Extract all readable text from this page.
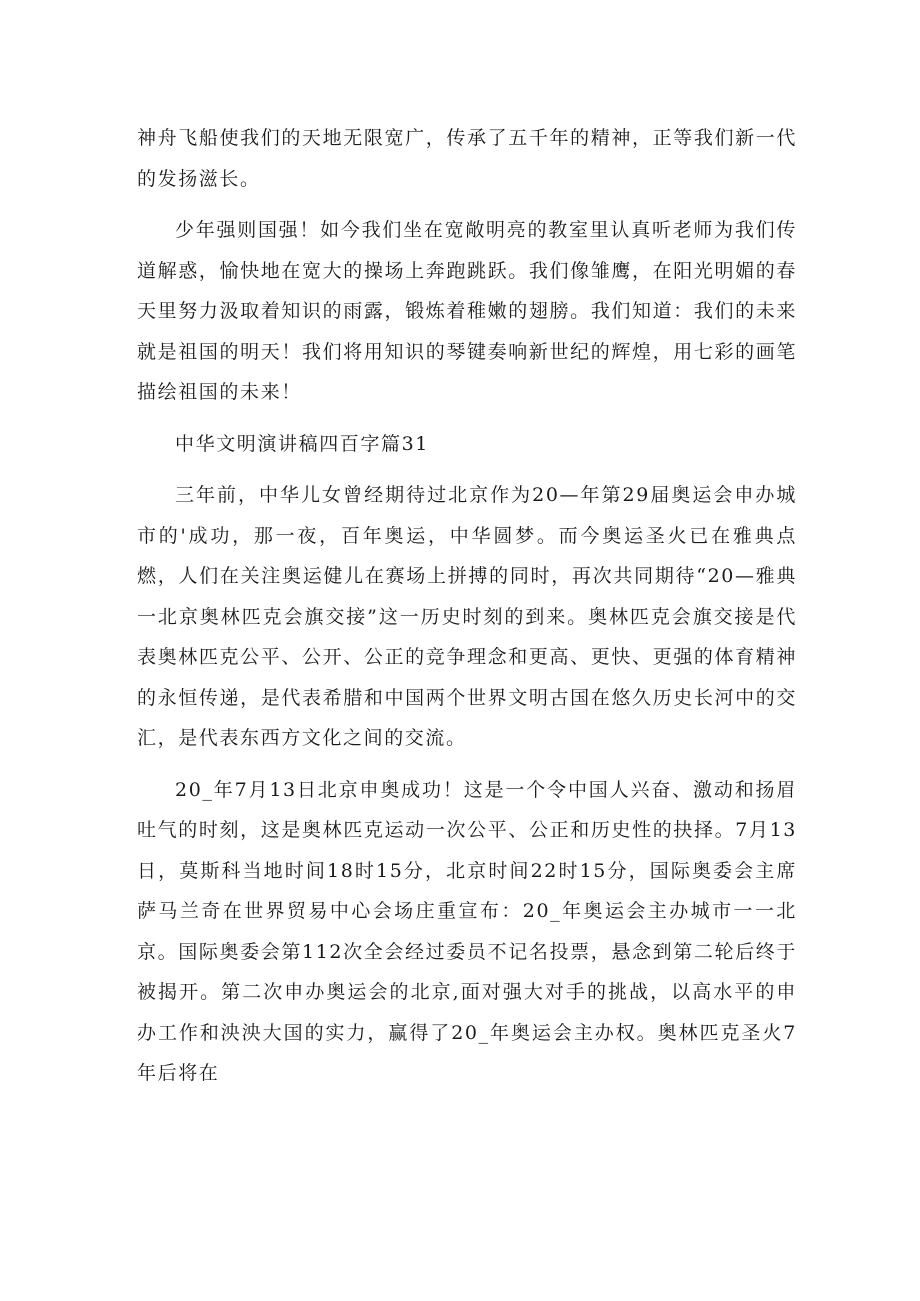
神舟飞船使我们的天地无限宽广，传承了五千年的精神，正等我们新一代的发扬滋长。

少年强则国强！如今我们坐在宽敞明亮的教室里认真听老师为我们传道解惑，愉快地在宽大的操场上奔跑跳跃。我们像雏鹰，在阳光明媚的春天里努力汲取着知识的雨露，锻炼着稚嫩的翅膀。我们知道：我们的未来就是祖国的明天！我们将用知识的琴键奏响新世纪的辉煌，用七彩的画笔描绘祖国的未来！

中华文明演讲稿四百字篇31

三年前，中华儿女曾经期待过北京作为20—年第29届奥运会申办城市的'成功，那一夜，百年奥运，中华圆梦。而今奥运圣火已在雅典点燃，人们在关注奥运健儿在赛场上拼搏的同时，再次共同期待“20—雅典一北京奥林匹克会旗交接”这一历史时刻的到来。奥林匹克会旗交接是代表奥林匹克公平、公开、公正的竞争理念和更高、更快、更强的体育精神的永恒传递，是代表希腊和中国两个世界文明古国在悠久历史长河中的交汇，是代表东西方文化之间的交流。

20_年7月13日北京申奥成功！这是一个令中国人兴奋、激动和扬眉吐气的时刻，这是奥林匹克运动一次公平、公正和历史性的抉择。7月13日，莫斯科当地时间18时15分，北京时间22时15分，国际奥委会主席萨马兰奇在世界贸易中心会场庄重宣布：20_年奥运会主办城市一一北京。国际奥委会第112次全会经过委员不记名投票，悬念到第二轮后终于被揭开。第二次申办奥运会的北京,面对强大对手的挑战，以高水平的申办工作和泱泱大国的实力，赢得了20_年奥运会主办权。奥林匹克圣火7年后将在
